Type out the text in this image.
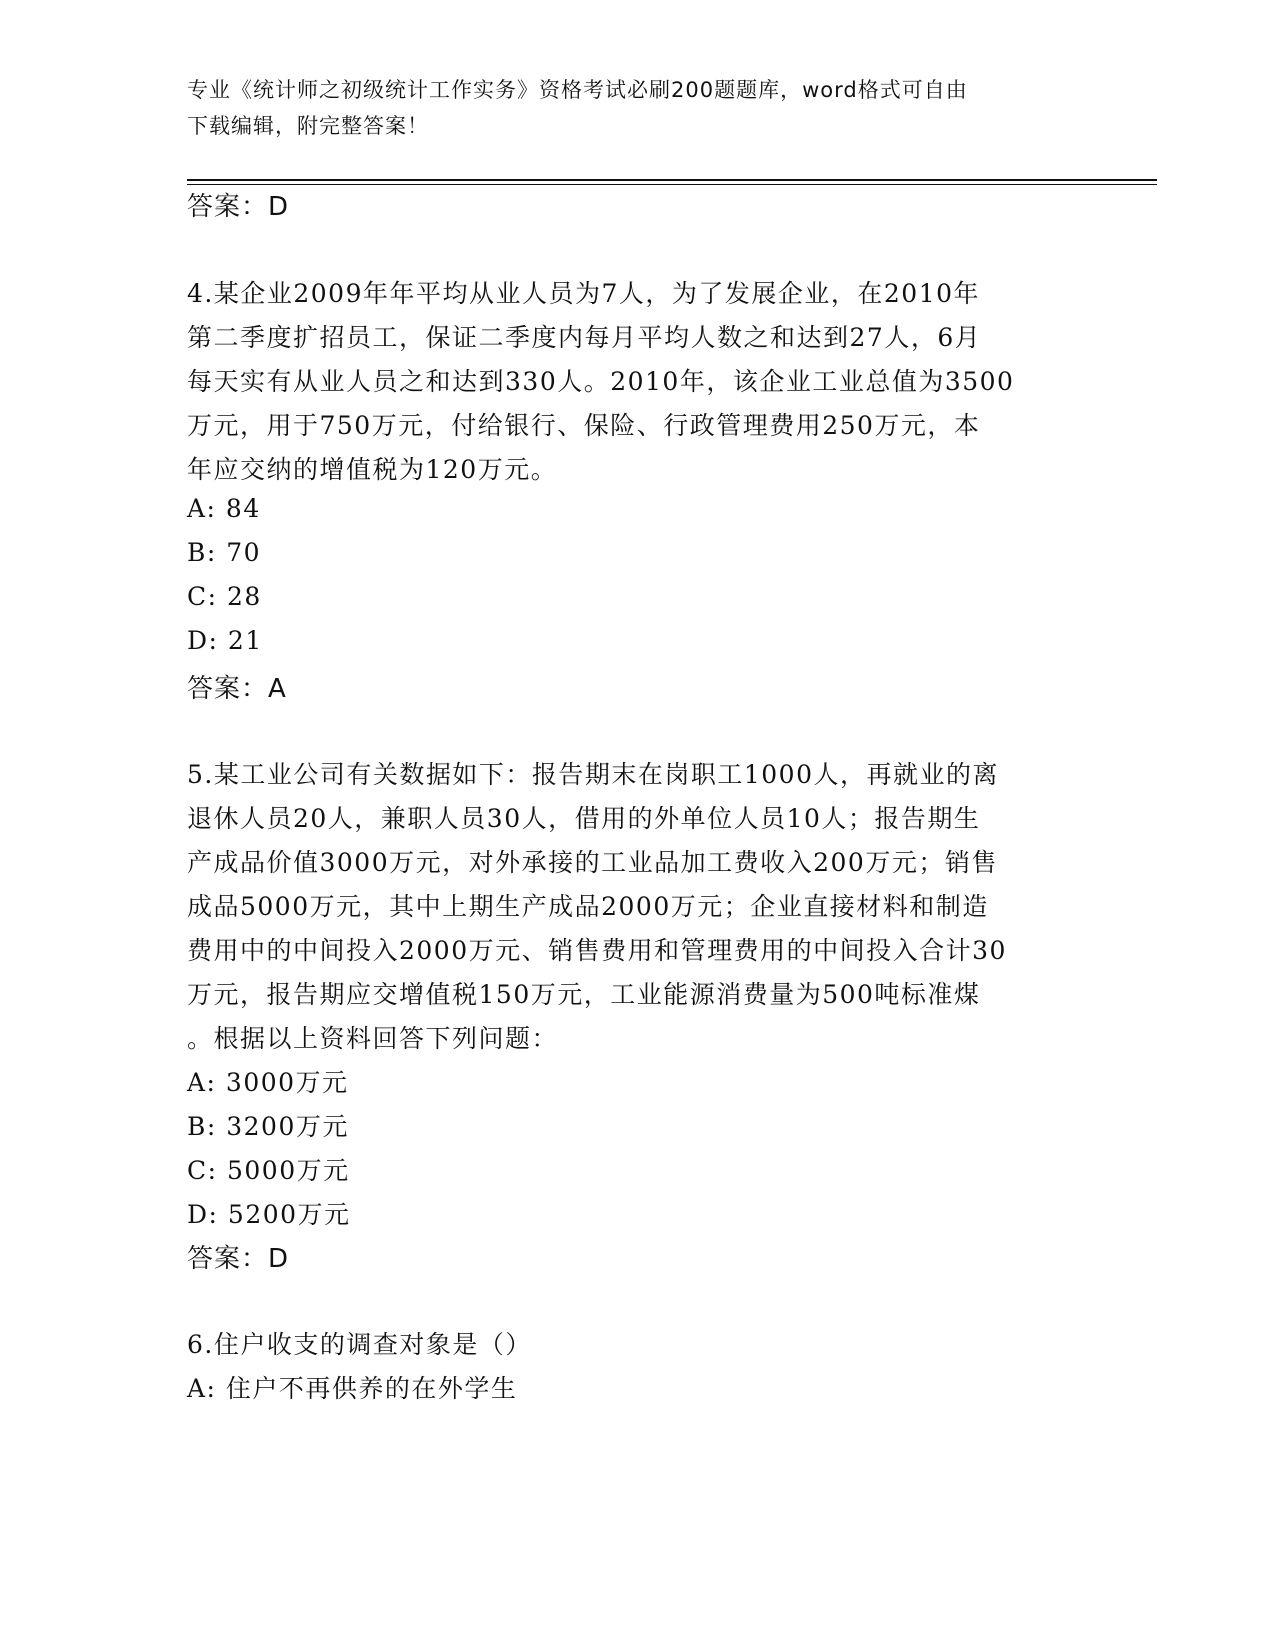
专业《统计师之初级统计工作实务》资格考试必刷200题题库，word格式可自由
下载编辑，附完整答案！
答案：D
4.某企业2009年年平均从业人员为7人，为了发展企业，在2010年
第二季度扩招员工，保证二季度内每月平均人数之和达到27人，6月
每天实有从业人员之和达到330人。2010年，该企业工业总值为3500
万元，用于750万元，付给银行、保险、行政管理费用250万元，本
年应交纳的增值税为120万元。
A: 84
B: 70
C: 28
D: 21
答案：A
5.某工业公司有关数据如下：报告期末在岗职工1000人，再就业的离
退休人员20人，兼职人员30人，借用的外单位人员10人；报告期生
产成品价值3000万元，对外承接的工业品加工费收入200万元；销售
成品5000万元，其中上期生产成品2000万元；企业直接材料和制造
费用中的中间投入2000万元、销售费用和管理费用的中间投入合计30
万元，报告期应交增值税150万元，工业能源消费量为500吨标准煤
。根据以上资料回答下列问题：
A: 3000万元
B: 3200万元
C: 5000万元
D: 5200万元
答案：D
6.住户收支的调查对象是（）
A: 住户不再供养的在外学生
